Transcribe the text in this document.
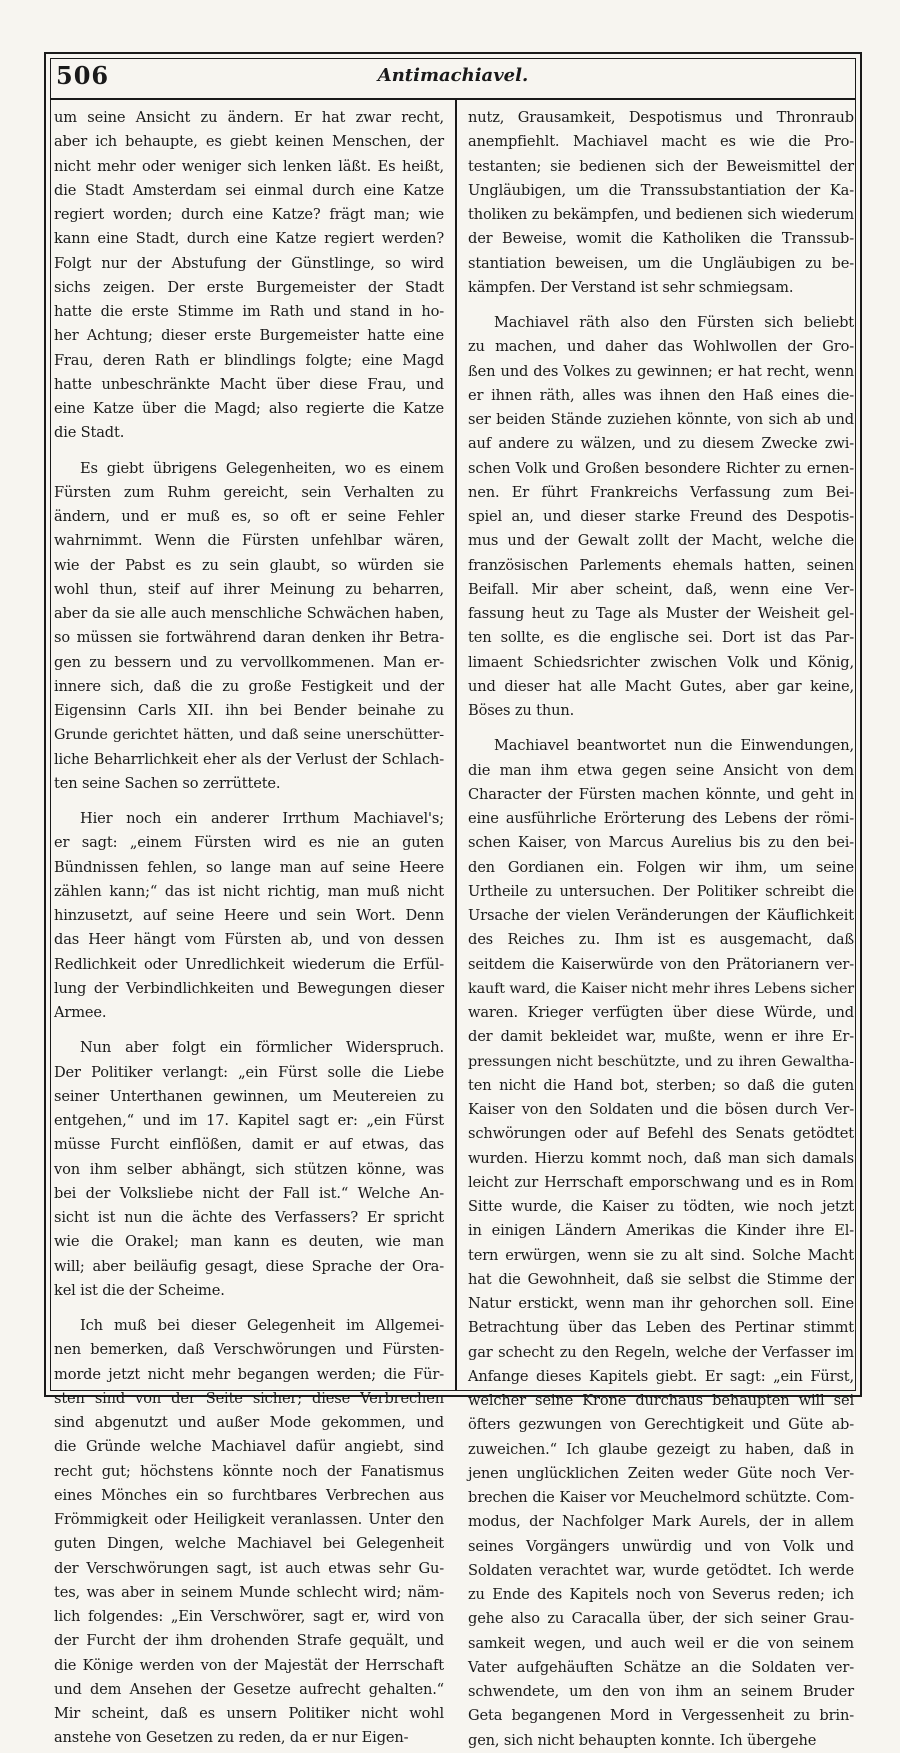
506	Antimachiavel.
um seine Ansicht zu ändern. Er hat zwar recht,
aber ich behaupte, es giebt keinen Menschen, der
nicht mehr oder weniger sich lenken läßt. Es heißt,
die Stadt Amsterdam sei einmal durch eine Katze
regiert worden; durch eine Katze? frägt man; wie
kann eine Stadt, durch eine Katze regiert werden?
Folgt nur der Abstufung der Günstlinge, so wird
sichs zeigen. Der erste Burgemeister der Stadt
hatte die erste Stimme im Rath und stand in ho-
her Achtung; dieser erste Burgemeister hatte eine
Frau, deren Rath er blindlings folgte; eine Magd
hatte unbeschränkte Macht über diese Frau, und
eine Katze über die Magd; also regierte die Katze
die Stadt.
Es giebt übrigens Gelegenheiten, wo es einem
Fürsten zum Ruhm gereicht, sein Verhalten zu
ändern, und er muß es, so oft er seine Fehler
wahrnimmt. Wenn die Fürsten unfehlbar wären,
wie der Pabst es zu sein glaubt, so würden sie
wohl thun, steif auf ihrer Meinung zu beharren,
aber da sie alle auch menschliche Schwächen haben,
so müssen sie fortwährend daran denken ihr Betra-
gen zu bessern und zu vervollkommenen. Man er-
innere sich, daß die zu große Festigkeit und der
Eigensinn Carls XII. ihn bei Bender beinahe zu
Grunde gerichtet hätten, und daß seine unerschütter-
liche Beharrlichkeit eher als der Verlust der Schlach-
ten seine Sachen so zerrüttete.
Hier noch ein anderer Irrthum Machiavel's;
er sagt: „einem Fürsten wird es nie an guten
Bündnissen fehlen, so lange man auf seine Heere
zählen kann;“ das ist nicht richtig, man muß nicht
hinzusetzt, auf seine Heere und sein Wort. Denn
das Heer hängt vom Fürsten ab, und von dessen
Redlichkeit oder Unredlichkeit wiederum die Erfül-
lung der Verbindlichkeiten und Bewegungen dieser
Armee.
Nun aber folgt ein förmlicher Widerspruch.
Der Politiker verlangt: „ein Fürst solle die Liebe
seiner Unterthanen gewinnen, um Meutereien zu
entgehen,“ und im 17. Kapitel sagt er: „ein Fürst
müsse Furcht einflößen, damit er auf etwas, das
von ihm selber abhängt, sich stützen könne, was
bei der Volksliebe nicht der Fall ist.“ Welche An-
sicht ist nun die ächte des Verfassers? Er spricht
wie die Orakel; man kann es deuten, wie man
will; aber beiläufig gesagt, diese Sprache der Ora-
kel ist die der Scheime.
Ich muß bei dieser Gelegenheit im Allgemei-
nen bemerken, daß Verschwörungen und Fürsten-
morde jetzt nicht mehr begangen werden; die Für-
sten sind von der Seite sicher; diese Verbrechen
sind abgenutzt und außer Mode gekommen, und
die Gründe welche Machiavel dafür angiebt, sind
recht gut; höchstens könnte noch der Fanatismus
eines Mönches ein so furchtbares Verbrechen aus
Frömmigkeit oder Heiligkeit veranlassen. Unter den
guten Dingen, welche Machiavel bei Gelegenheit
der Verschwörungen sagt, ist auch etwas sehr Gu-
tes, was aber in seinem Munde schlecht wird; näm-
lich folgendes: „Ein Verschwörer, sagt er, wird von
der Furcht der ihm drohenden Strafe gequält, und
die Könige werden von der Majestät der Herrschaft
und dem Ansehen der Gesetze aufrecht gehalten.“
Mir scheint, daß es unsern Politiker nicht wohl
anstehe von Gesetzen zu reden, da er nur Eigen-
nutz, Grausamkeit, Despotismus und Thronraub
anempfiehlt. Machiavel macht es wie die Pro-
testanten; sie bedienen sich der Beweismittel der
Ungläubigen, um die Transsubstantiation der Ka-
tholiken zu bekämpfen, und bedienen sich wiederum
der Beweise, womit die Katholiken die Transsub-
stantiation beweisen, um die Ungläubigen zu be-
kämpfen. Der Verstand ist sehr schmiegsam.
Machiavel räth also den Fürsten sich beliebt
zu machen, und daher das Wohlwollen der Gro-
ßen und des Volkes zu gewinnen; er hat recht, wenn
er ihnen räth, alles was ihnen den Haß eines die-
ser beiden Stände zuziehen könnte, von sich ab und
auf andere zu wälzen, und zu diesem Zwecke zwi-
schen Volk und Großen besondere Richter zu ernen-
nen. Er führt Frankreichs Verfassung zum Bei-
spiel an, und dieser starke Freund des Despotis-
mus und der Gewalt zollt der Macht, welche die
französischen Parlements ehemals hatten, seinen
Beifall. Mir aber scheint, daß, wenn eine Ver-
fassung heut zu Tage als Muster der Weisheit gel-
ten sollte, es die englische sei. Dort ist das Par-
limaent Schiedsrichter zwischen Volk und König,
und dieser hat alle Macht Gutes, aber gar keine,
Böses zu thun.
Machiavel beantwortet nun die Einwendungen,
die man ihm etwa gegen seine Ansicht von dem
Character der Fürsten machen könnte, und geht in
eine ausführliche Erörterung des Lebens der römi-
schen Kaiser, von Marcus Aurelius bis zu den bei-
den Gordianen ein. Folgen wir ihm, um seine
Urtheile zu untersuchen. Der Politiker schreibt die
Ursache der vielen Veränderungen der Käuflichkeit
des Reiches zu. Ihm ist es ausgemacht, daß
seitdem die Kaiserwürde von den Prätorianern ver-
kauft ward, die Kaiser nicht mehr ihres Lebens sicher
waren. Krieger verfügten über diese Würde, und
der damit bekleidet war, mußte, wenn er ihre Er-
pressungen nicht beschützte, und zu ihren Gewaltha-
ten nicht die Hand bot, sterben; so daß die guten
Kaiser von den Soldaten und die bösen durch Ver-
schwörungen oder auf Befehl des Senats getödtet
wurden. Hierzu kommt noch, daß man sich damals
leicht zur Herrschaft emporschwang und es in Rom
Sitte wurde, die Kaiser zu tödten, wie noch jetzt
in einigen Ländern Amerikas die Kinder ihre El-
tern erwürgen, wenn sie zu alt sind. Solche Macht
hat die Gewohnheit, daß sie selbst die Stimme der
Natur erstickt, wenn man ihr gehorchen soll. Eine
Betrachtung über das Leben des Pertinar stimmt
gar schecht zu den Regeln, welche der Verfasser im
Anfange dieses Kapitels giebt. Er sagt: „ein Fürst,
welcher seine Krone durchaus behaupten will sei
öfters gezwungen von Gerechtigkeit und Güte ab-
zuweichen.“ Ich glaube gezeigt zu haben, daß in
jenen unglücklichen Zeiten weder Güte noch Ver-
brechen die Kaiser vor Meuchelmord schützte. Com-
modus, der Nachfolger Mark Aurels, der in allem
seines Vorgängers unwürdig und von Volk und
Soldaten verachtet war, wurde getödtet. Ich werde
zu Ende des Kapitels noch von Severus reden; ich
gehe also zu Caracalla über, der sich seiner Grau-
samkeit wegen, und auch weil er die von seinem
Vater aufgehäuften Schätze an die Soldaten ver-
schwendete, um den von ihm an seinem Bruder
Geta begangenen Mord in Vergessenheit zu brin-
gen, sich nicht behaupten konnte. Ich übergehe
